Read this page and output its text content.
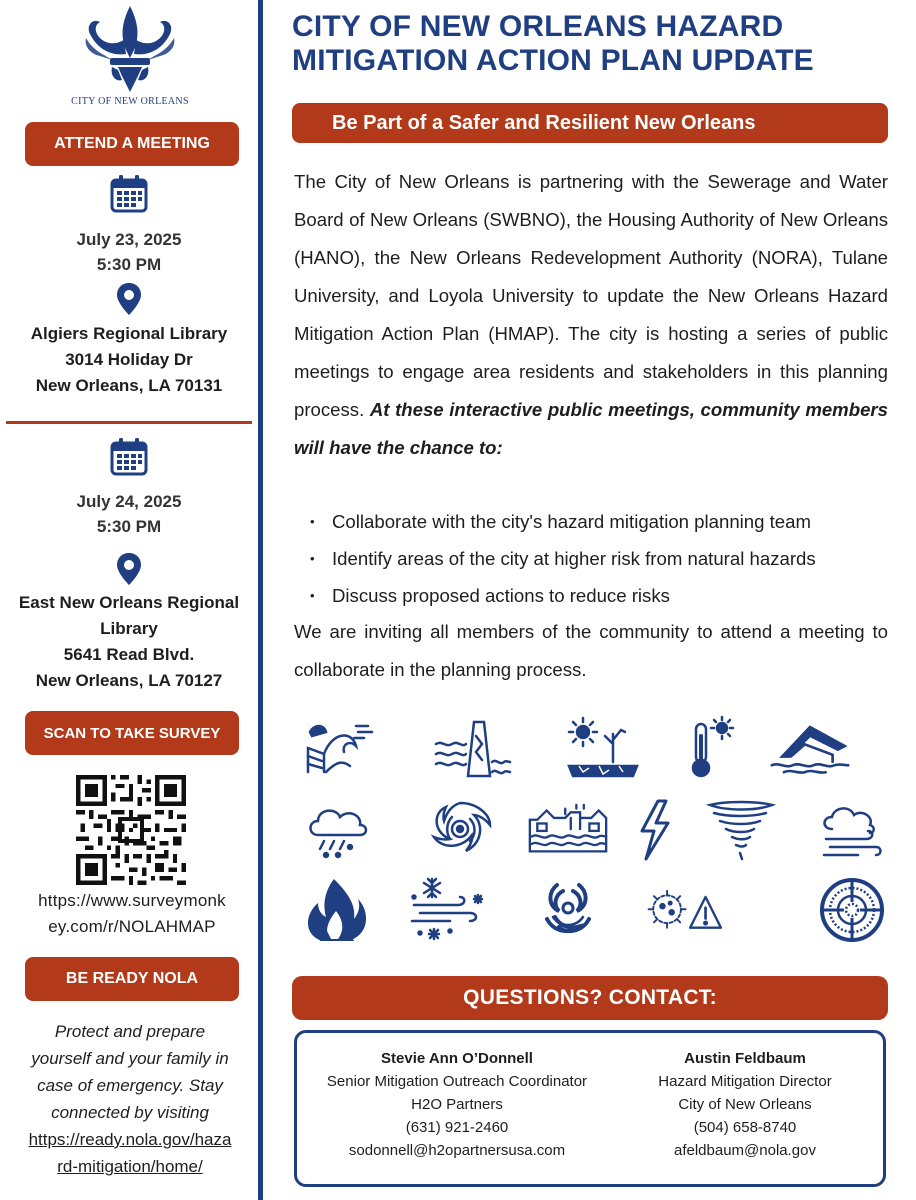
CITY OF NEW ORLEANS
ATTEND A MEETING
July 23, 2025
5:30 PM
Algiers Regional Library
3014 Holiday Dr
New Orleans, LA 70131
July 24, 2025
5:30 PM
East New Orleans Regional
Library
5641 Read Blvd.
New Orleans, LA 70127
SCAN TO TAKE SURVEY
https://www.surveymonk
ey.com/r/NOLAHMAP
BE READY NOLA
Protect and prepare
yourself and your family in
case of emergency. Stay
connected by visiting
https://ready.nola.gov/haza
rd-mitigation/home/
CITY OF NEW ORLEANS HAZARD
MITIGATION ACTION PLAN UPDATE
Be Part of a Safer and Resilient New Orleans
The City of New Orleans is partnering with the Sewerage and Water Board of New Orleans (SWBNO), the Housing Authority of New Orleans (HANO), the New Orleans Redevelopment Authority (NORA), Tulane University, and Loyola University to update the New Orleans Hazard Mitigation Action Plan (HMAP). The city is hosting a series of public meetings to engage area residents and stakeholders in this planning process. At these interactive public meetings, community members will have the chance to:
• Collaborate with the city's hazard mitigation planning team
• Identify areas of the city at higher risk from natural hazards
• Discuss proposed actions to reduce risks
We are inviting all members of the community to attend a meeting to collaborate in the planning process.
QUESTIONS? CONTACT:
Stevie Ann O’Donnell
Senior Mitigation Outreach Coordinator
H2O Partners
(631) 921-2460
sodonnell@h2opartnersusa.com
Austin Feldbaum
Hazard Mitigation Director
City of New Orleans
(504) 658-8740
afeldbaum@nola.gov
